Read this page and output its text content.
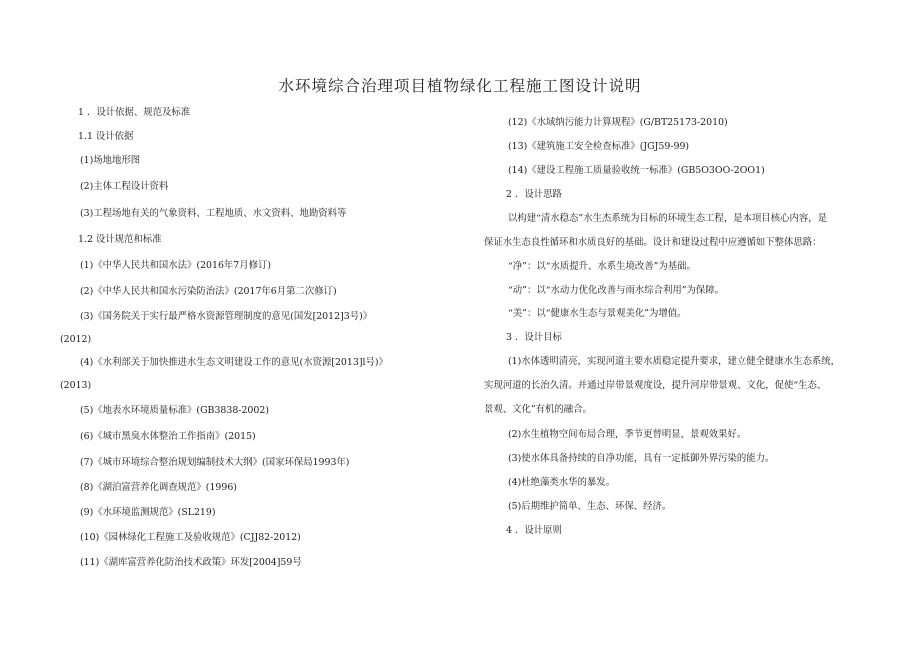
水环境综合治理项目植物绿化工程施工图设计说明
1 ．设计依据、规范及标准
1.1 设计依据
(1)场地地形图
(2)主体工程设计资料
(3)工程场地有关的气象资料、工程地质、水文资料、地勘资料等
1.2 设计规范和标准
(1)《中华人民共和国水法》(2016年7月修订)
(2)《中华人民共和国水污染防治法》(2017年6月第二次修订)
(3)《国务院关于实行最严格水资源管理制度的意见(国发[2012]3号)》
(2012)
(4)《水利部关于加快推进水生态文明建设工作的意见(水资源[2013]l号)》
(2013)
(5)《地表水环境质量标准》(GB3838-2002)
(6)《城市黑臭水体整治工作指南》(2015)
(7)《城市环境综合整治规划编制技术大纲》(国家环保局1993年)
(8)《湖泊富营养化调查规范》(1996)
(9)《水环境监测规范》(SL219)
(10)《园林绿化工程施工及验收规范》(CJJ82-2012)
(11)《湖库富营养化防治技术政策》环发[2004]59号
(12)《水域纳污能力计算规程》(G/BT25173-2010)
(13)《建筑施工安全检查标准》(JGJ59-99)
(14)《建设工程施工质量验收统一标准》(GB5O3OO-2OO1)
2 ．设计思路
以构建“清水稳态”水生杰系统为目标的环境生态工程，是本项目核心内容，是
保证水生态良性循环和水质良好的基础。设计和建设过程中应遵循如下整体思路：
“净”：以“水质提升、水系生境改善”为基础。
“动”：以“水动力优化改善与雨水综合利用”为保障。
“美”：以“健康水生态与景观美化”为增值。
3 ．设计目标
(1)水体透明清亮，实现河道主要水质稳定提升要求，建立健全健康水生态系统，
实现河道的长治久清。并通过岸带景观度设，提升河岸带景观、文化，促使“生态、
景观、文化”有机的融合。
(2)水生植物空间布局合理，季节更替明显，景观效果好。
(3)使水体具备持续的自净功能，具有一定抵御外界污染的能力。
(4)杜绝藻类水华的暴发。
(5)后期维护简单、生态、环保、经济。
4 ．设计原则
